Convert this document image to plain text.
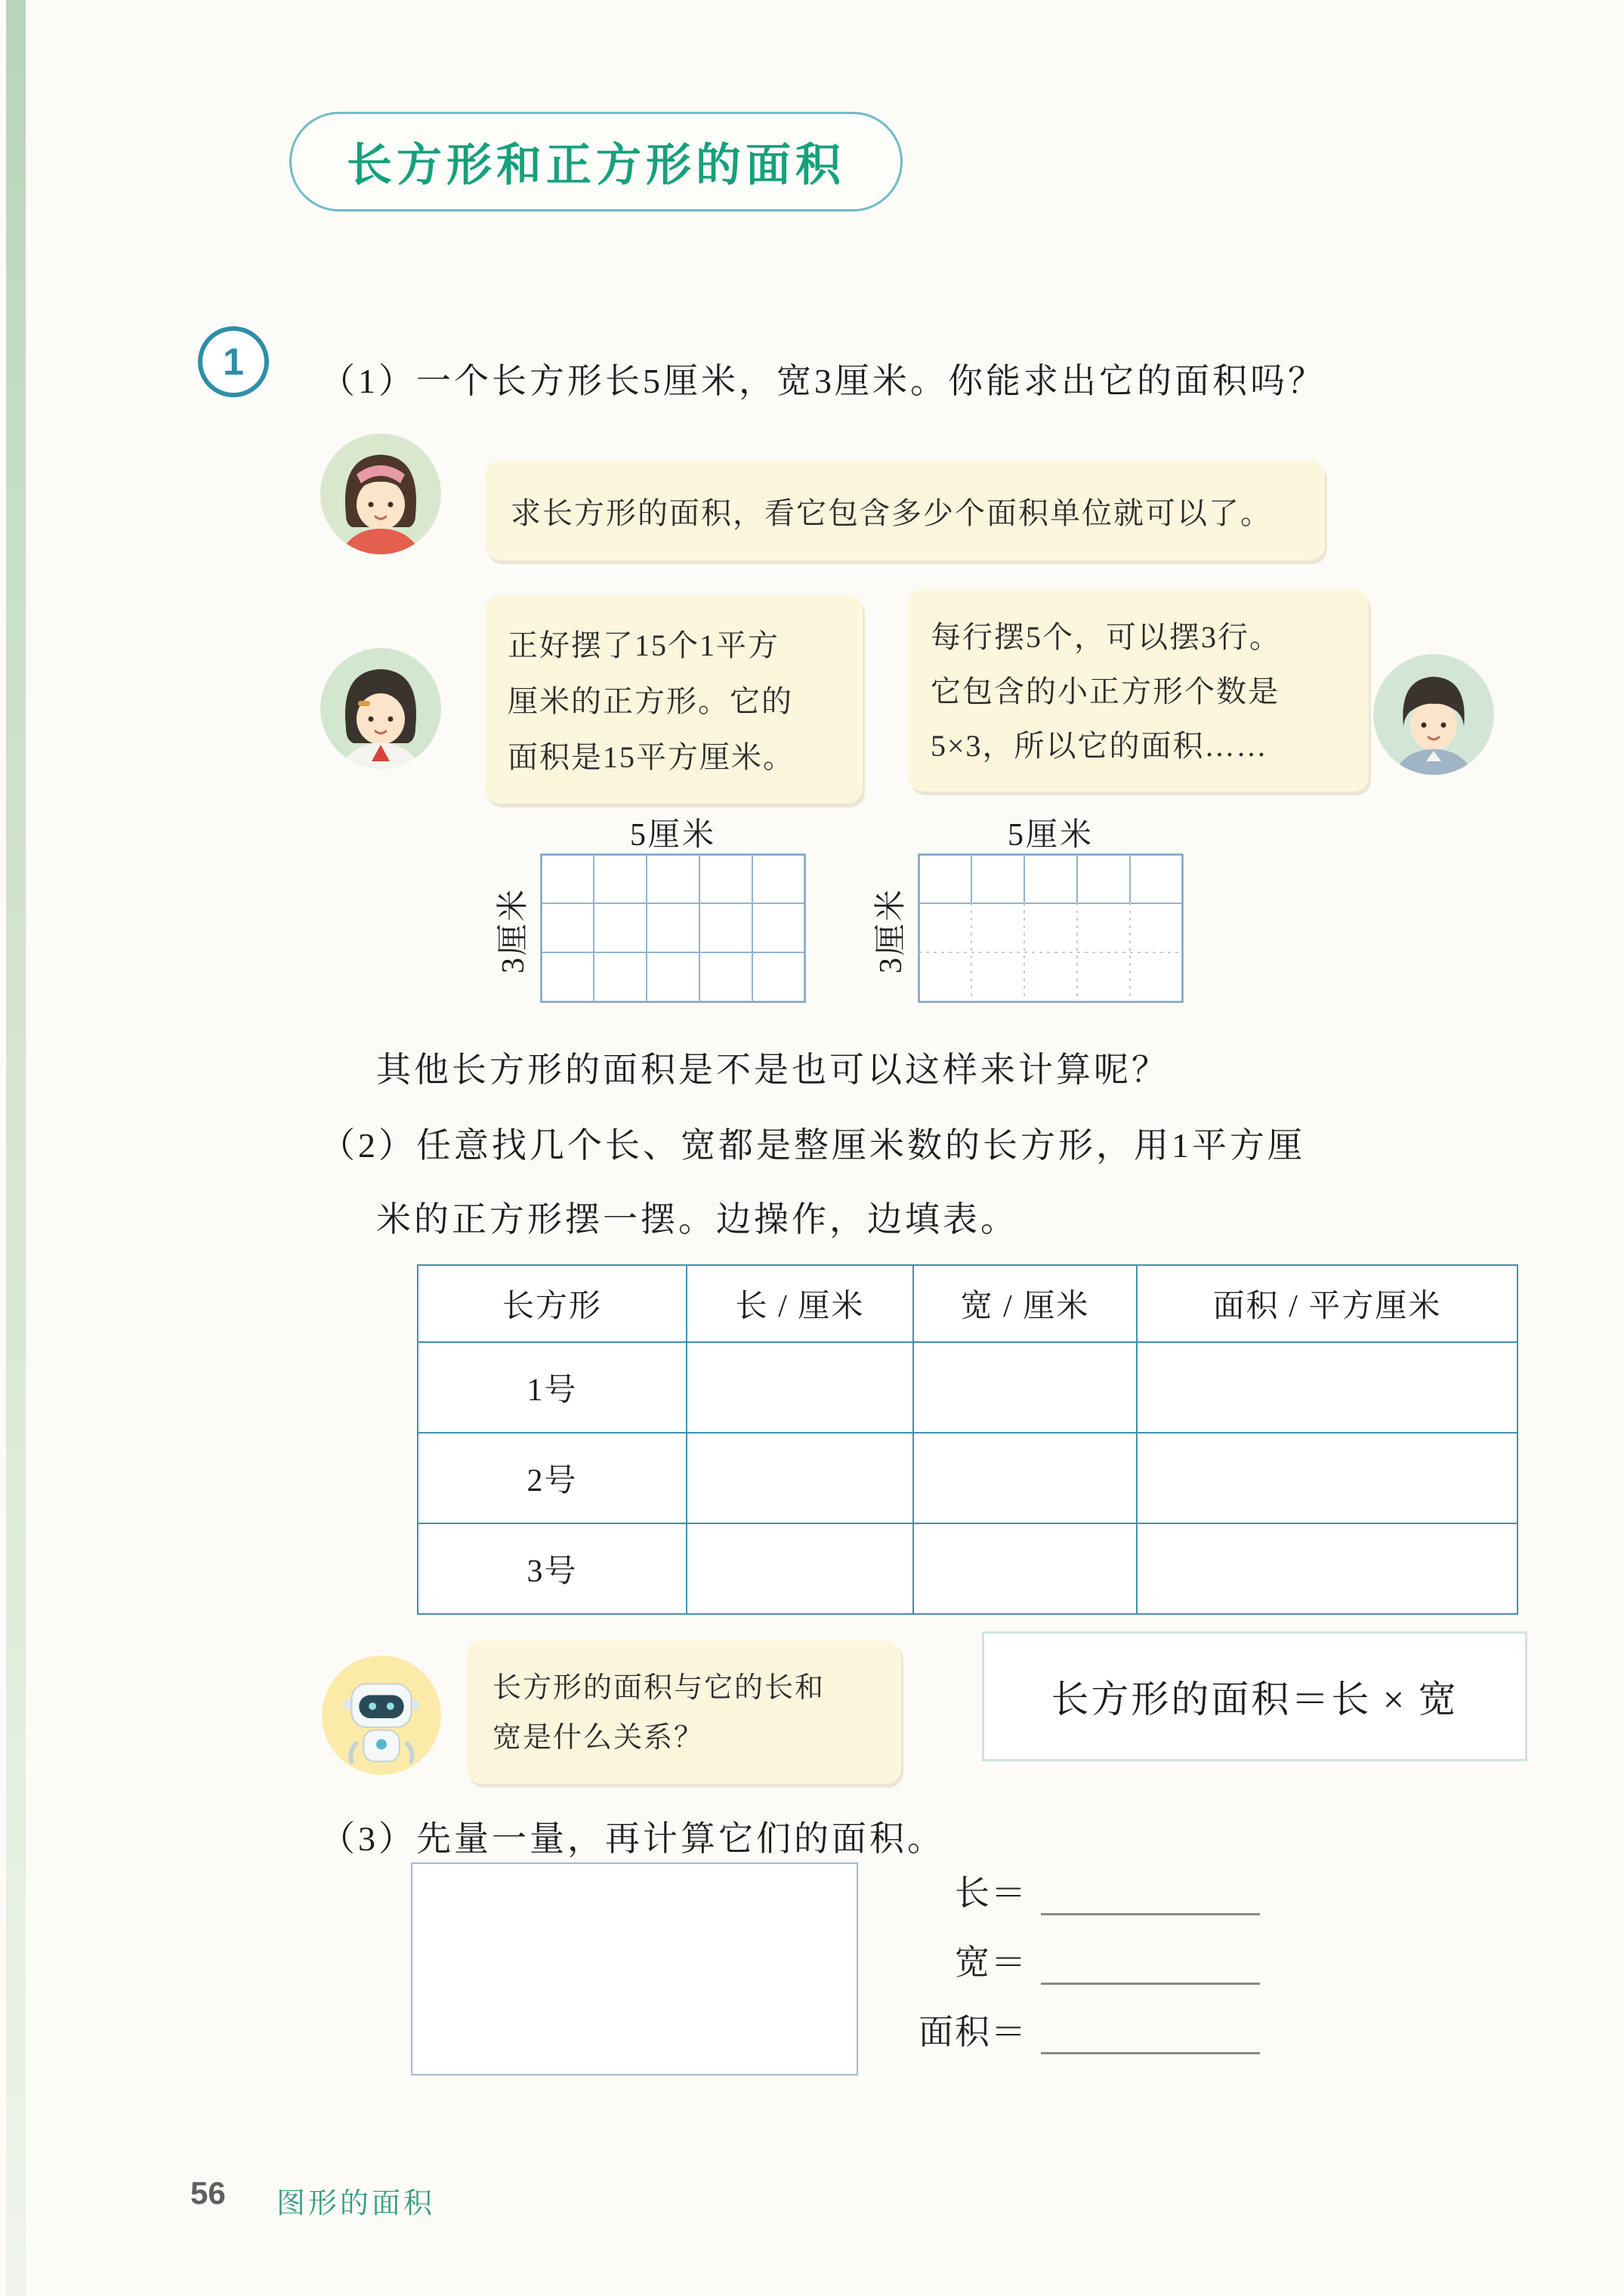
长方形和正方形的面积
1 （1）一个长方形长5厘米，宽3厘米。你能求出它的面积吗？
求长方形的面积，看它包含多少个面积单位就可以了。
正好摆了15个1平方
厘米的正方形。它的
面积是15平方厘米。
每行摆5个，可以摆3行。
它包含的小正方形个数是
5×3，所以它的面积……
5厘米
3厘米
5厘米
3厘米
其他长方形的面积是不是也可以这样来计算呢？
（2）任意找几个长、宽都是整厘米数的长方形，用1平方厘
米的正方形摆一摆。边操作，边填表。
长方形	长 / 厘米	宽 / 厘米	面积 / 平方厘米
1号			
2号			
3号			
长方形的面积与它的长和
宽是什么关系？
长方形的面积＝长 × 宽
（3）先量一量，再计算它们的面积。
长＝
宽＝
面积＝
56 图形的面积
